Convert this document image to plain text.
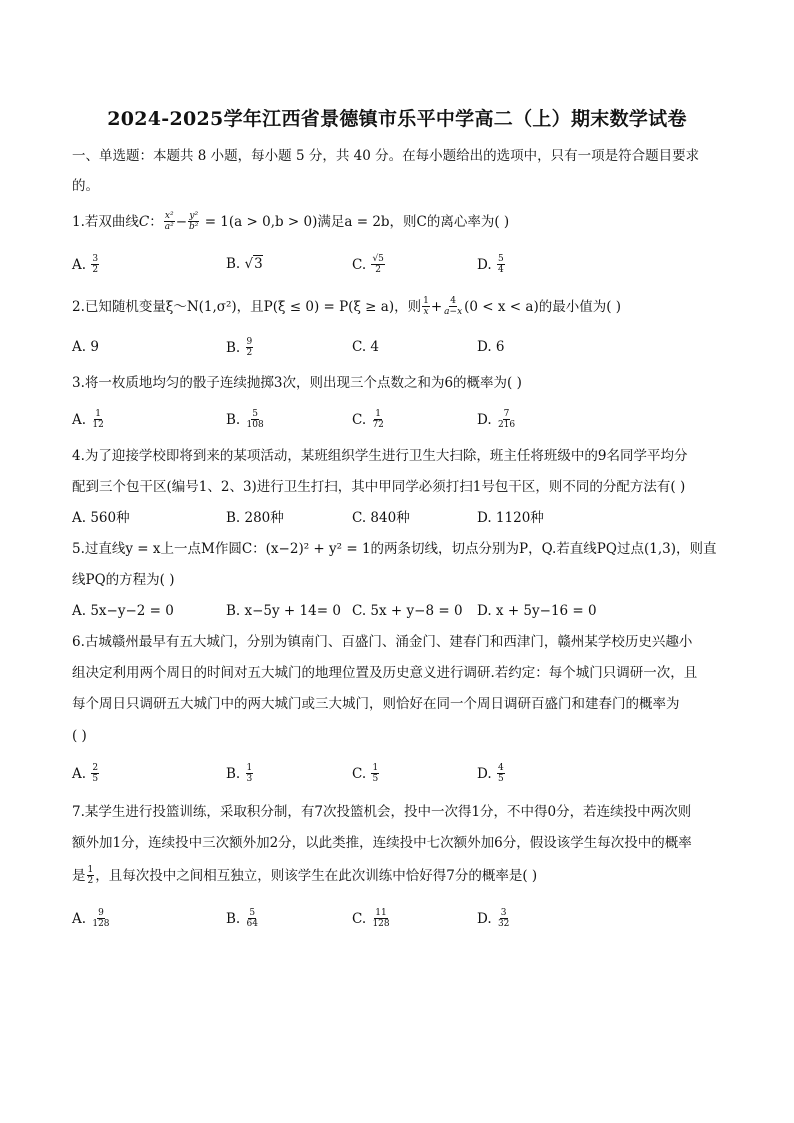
2024-2025学年江西省景德镇市乐平中学高二（上）期末数学试卷
一、单选题：本题共 8 小题，每小题 5 分，共 40 分。在每小题给出的选项中，只有一项是符合题目要求
的。
1.若双曲线C： $\frac{\text{x²}}{\text{a²}} - \frac{\text{y²}}{\text{b²}} = 1(a > 0,b > 0)$满足a = 2b，则C的离心率为( )
A. $\frac{3}{2}$	B. √3	C. $\frac{√5}{2}$	D. $\frac{5}{4}$
2.已知随机变量ξ～N(1,σ²)，且P(ξ ≤ 0) = P(ξ ≥ a)，则 $\frac{1}{x} + \frac{4}{a-x} (0 < x < a)$的最小值为( )
A. 9	B. $\frac{9}{2}$	C. 4	D. 6
3.将一枚质地均匀的骰子连续抛掷3次，则出现三个点数之和为6的概率为( )
A. $\frac{1}{12}$	B. $\frac{5}{108}$	C. $\frac{1}{72}$	D. $\frac{7}{216}$
4.为了迎接学校即将到来的某项活动，某班组织学生进行卫生大扫除，班主任将班级中的9名同学平均分
配到三个包干区(编号1、2、3)进行卫生打扫，其中甲同学必须打扫1号包干区，则不同的分配方法有( )
A. 560种	B. 280种	C. 840种	D. 1120种
5.过直线y = x上一点M作圆C：(x−2)² + y² = 1的两条切线，切点分别为P，Q.若直线PQ过点(1,3)，则直
线PQ的方程为( )
A. 5x−y−2 = 0	B. x−5y + 14= 0 C. 5x + y−8 = 0 D. x + 5y−16 = 0
6.古城赣州最早有五大城门，分别为镇南门、百盛门、涌金门、建春门和西津门，赣州某学校历史兴趣小
组决定利用两个周日的时间对五大城门的地理位置及历史意义进行调研.若约定：每个城门只调研一次，且
每个周日只调研五大城门中的两大城门或三大城门，则恰好在同一个周日调研百盛门和建春门的概率为
( )
A. $\frac{2}{5}$	B. $\frac{1}{3}$	C. $\frac{1}{5}$	D. $\frac{4}{5}$
7.某学生进行投篮训练，采取积分制，有7次投篮机会，投中一次得1分，不中得0分，若连续投中两次则
额外加1分，连续投中三次额外加2分，以此类推，连续投中七次额外加6分，假设该学生每次投中的概率
是 $\frac{1}{2}$ ，且每次投中之间相互独立，则该学生在此次训练中恰好得7分的概率是( )
A. $\frac{9}{128}$	B. $\frac{5}{64}$	C. $\frac{11}{128}$	D. $\frac{3}{32}$
